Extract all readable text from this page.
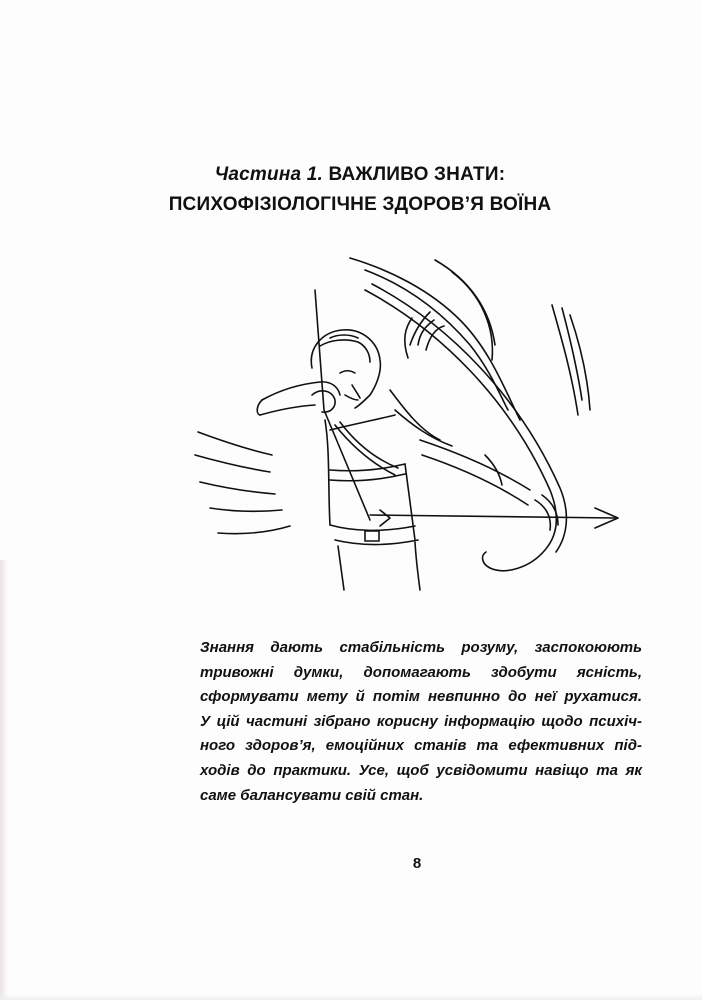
Частина 1. ВАЖЛИВО ЗНАТИ:
ПСИХОФІЗІОЛОГІЧНЕ ЗДОРОВ’Я ВОЇНА
Знання дають стабільність розуму, заспокоюють
тривожні думки, допомагають здобути ясність,
сформувати мету й потім невпинно до неї рухатися.
У цій частині зібрано корисну інформацію щодо психіч-
ного здоров’я, емоційних станів та ефективних під-
ходів до практики. Усе, щоб усвідомити навіщо та як
саме балансувати свій стан.
8
